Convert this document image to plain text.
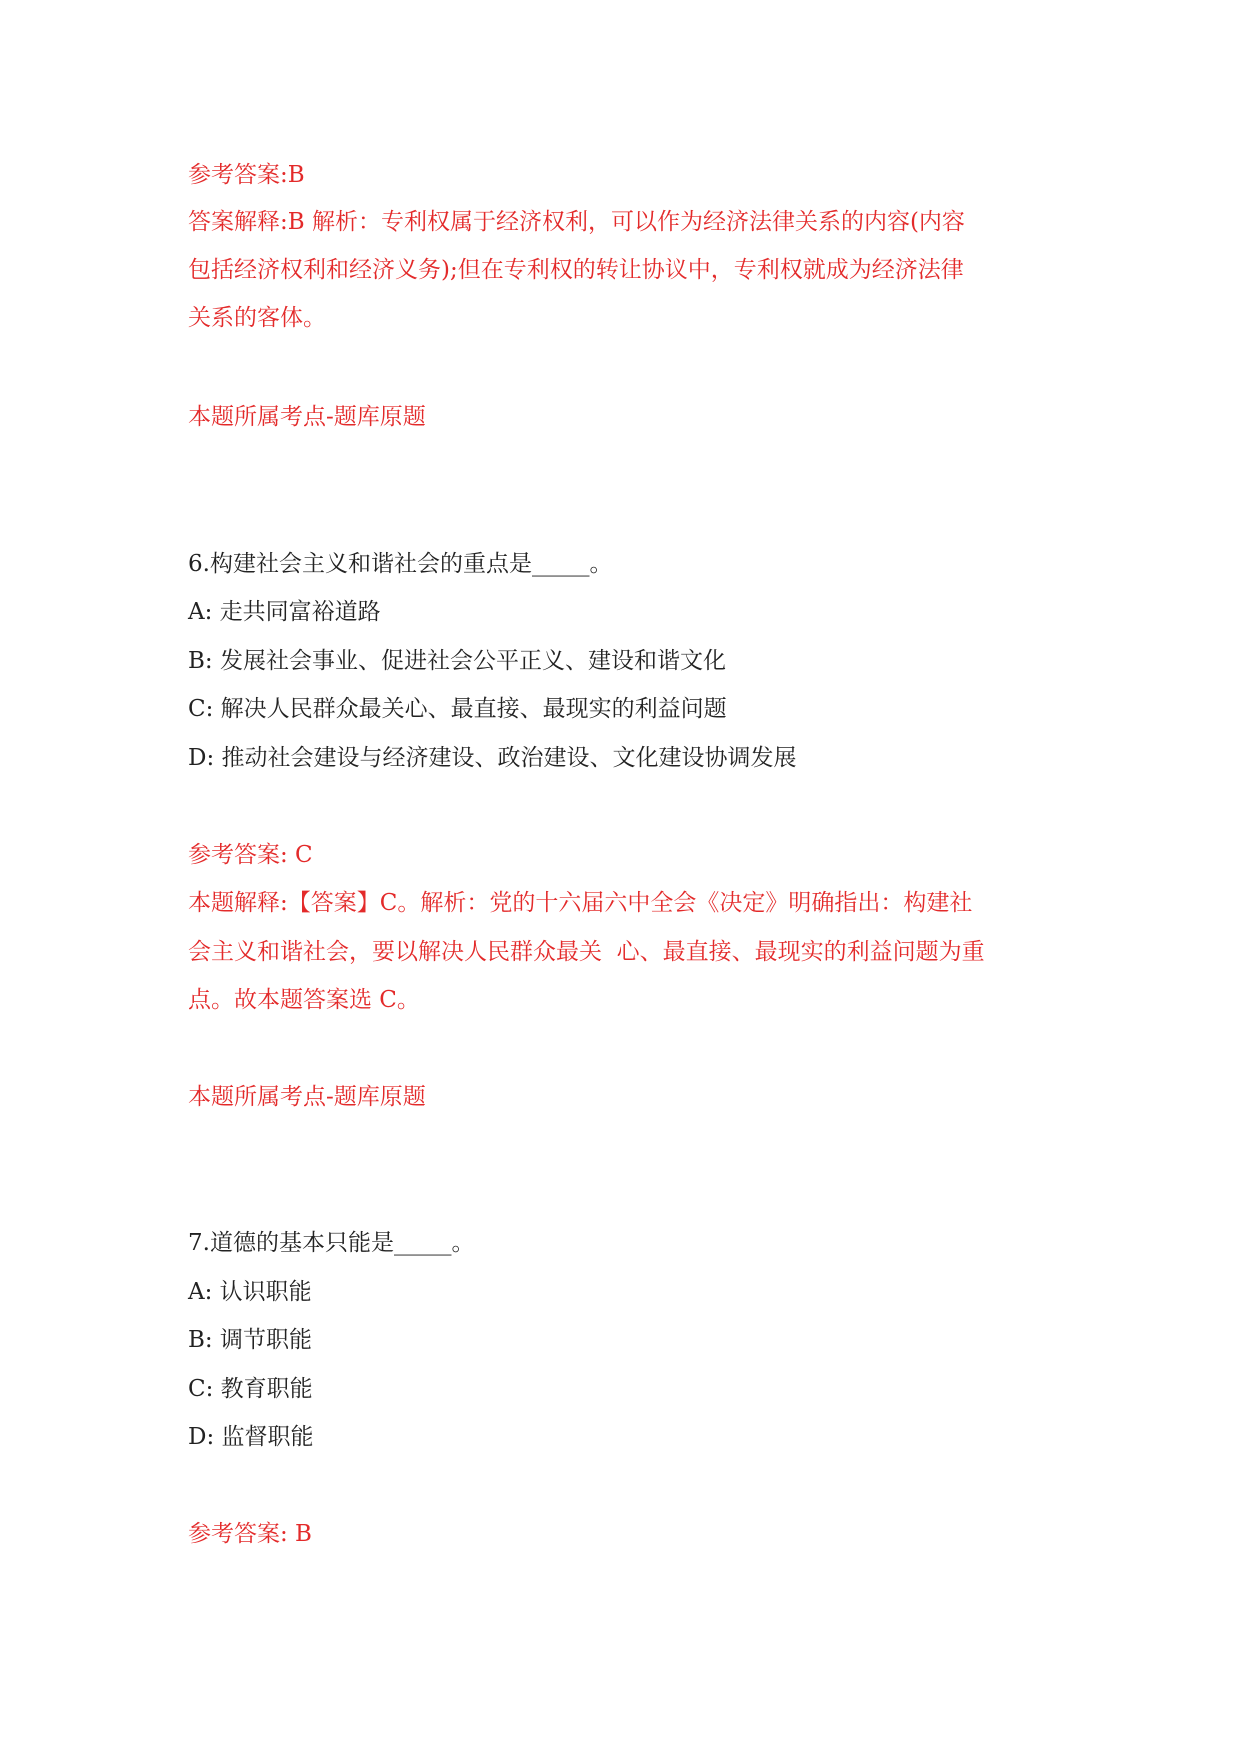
参考答案:B

答案解释:B 解析：专利权属于经济权利，可以作为经济法律关系的内容(内容

包括经济权利和经济义务);但在专利权的转让协议中，专利权就成为经济法律

关系的客体。

本题所属考点-题库原题

6.构建社会主义和谐社会的重点是_____。

A: 走共同富裕道路

B: 发展社会事业、促进社会公平正义、建设和谐文化

C: 解决人民群众最关心、最直接、最现实的利益问题

D: 推动社会建设与经济建设、政治建设、文化建设协调发展

参考答案: C

本题解释:【答案】C。解析：党的十六届六中全会《决定》明确指出：构建社

会主义和谐社会，要以解决人民群众最关  心、最直接、最现实的利益问题为重

点。故本题答案选 C。

本题所属考点-题库原题

7.道德的基本只能是_____。

A: 认识职能

B: 调节职能

C: 教育职能

D: 监督职能

参考答案: B
